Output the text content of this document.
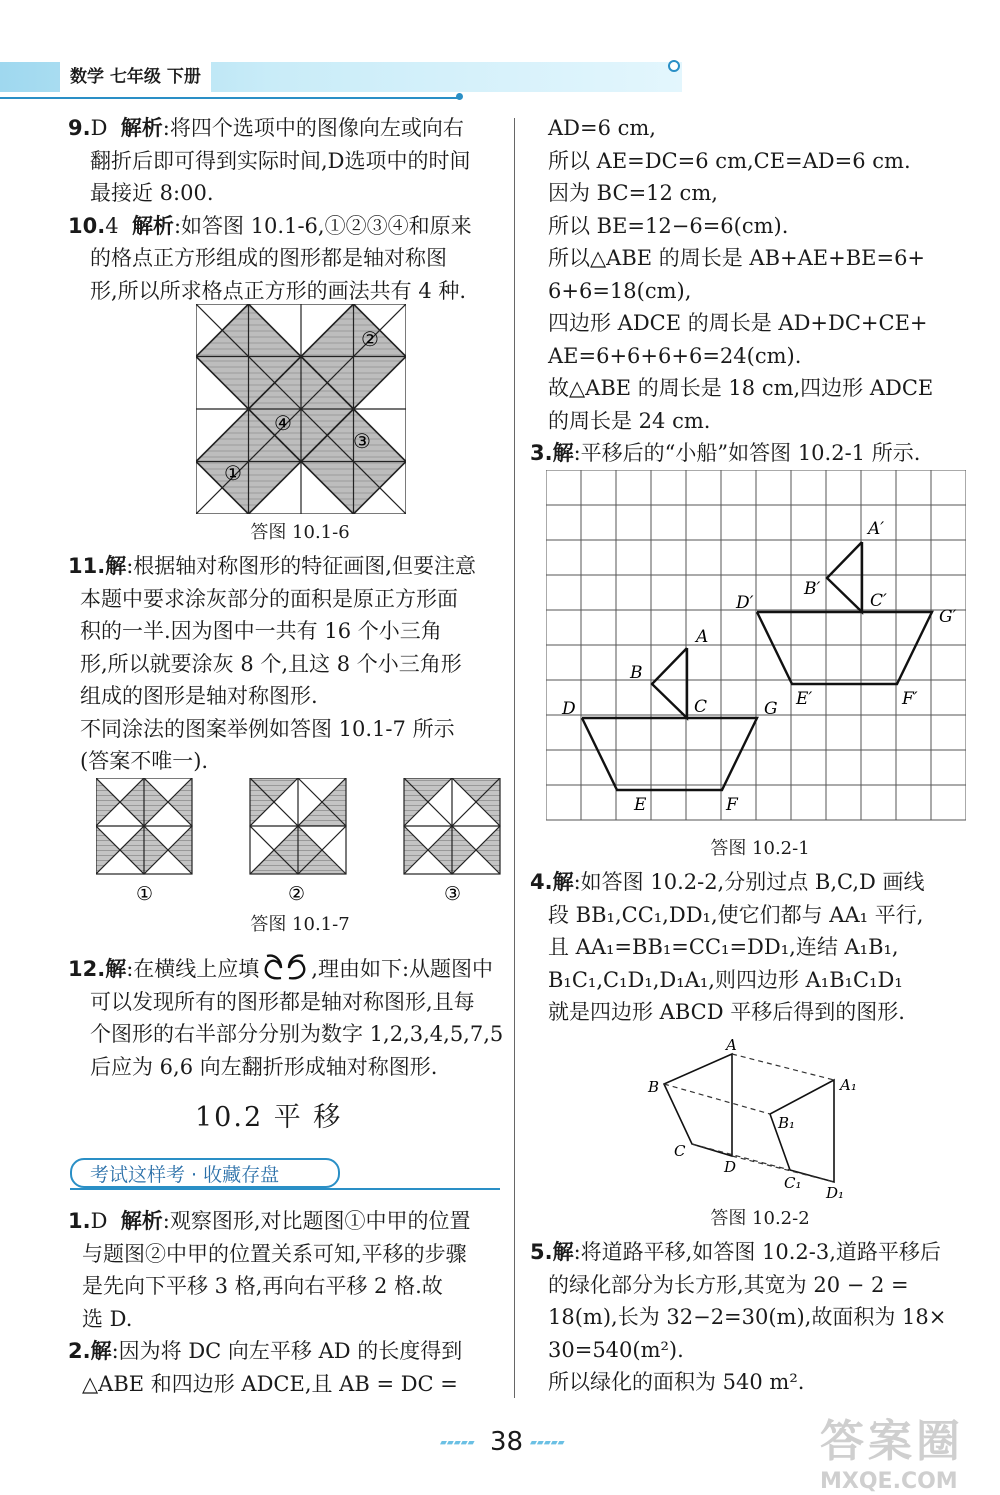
数学 七年级 下册

9.D 解析:将四个选项中的图像向左或向右

翻折后即可得到实际时间,D选项中的时间

最接近 8:00.

10.4 解析:如答图 10.1-6,①②③④和原来

的格点正方形组成的图形都是轴对称图

形,所以所求格点正方形的画法共有 4 种.

②
④
③
①
答图 10.1-6

11.解:根据轴对称图形的特征画图,但要注意

本题中要求涂灰部分的面积是原正方形面

积的一半.因为图中一共有 16 个小三角

形,所以就要涂灰 8 个,且这 8 个小三角形

组成的图形是轴对称图形.

不同涂法的图案举例如答图 10.1-7 所示

(答案不唯一).

①	②	③
答图 10.1-7

12.解:在横线上应填 ,理由如下:从题图中

可以发现所有的图形都是轴对称图形,且每

个图形的右半部分分别为数字 1,2,3,4,5,7,5

后应为 6,6 向左翻折形成轴对称图形.

10.2 平 移
考试这样考 · 收藏存盘

1.D 解析:观察图形,对比题图①中甲的位置

与题图②中甲的位置关系可知,平移的步骤

是先向下平移 3 格,再向右平移 2 格.故

选 D.

2.解:因为将 DC 向左平移 AD 的长度得到

△ABE 和四边形 ADCE,且 AB = DC =

AD=6 cm,

所以 AE=DC=6 cm,CE=AD=6 cm.

因为 BC=12 cm,

所以 BE=12−6=6(cm).

所以△ABE 的周长是 AB+AE+BE=6+

6+6=18(cm),

四边形 ADCE 的周长是 AD+DC+CE+

AE=6+6+6+6=24(cm).

故△ABE 的周长是 18 cm,四边形 ADCE

的周长是 24 cm.

3.解:平移后的“小船”如答图 10.2-1 所示.

A′
B′
C′
D′
G′
E′	F′
A
B
C
D	G
E	F
答图 10.2-1

4.解:如答图 10.2-2,分别过点 B,C,D 画线

段 BB₁,CC₁,DD₁,使它们都与 AA₁ 平行,

且 AA₁=BB₁=CC₁=DD₁,连结 A₁B₁,

B₁C₁,C₁D₁,D₁A₁,则四边形 A₁B₁C₁D₁

就是四边形 ABCD 平移后得到的图形.

A
B
C
D
A₁
B₁
C₁
D₁
答图 10.2-2

5.解:将道路平移,如答图 10.2-3,道路平移后

的绿化部分为长方形,其宽为 20 − 2 =

18(m),长为 32−2=30(m),故面积为 18×

30=540(m²).

所以绿化的面积为 540 m².

▰▰▰▰▰ 38 ▰▰▰▰▰	答案圈
MXQE.COM
